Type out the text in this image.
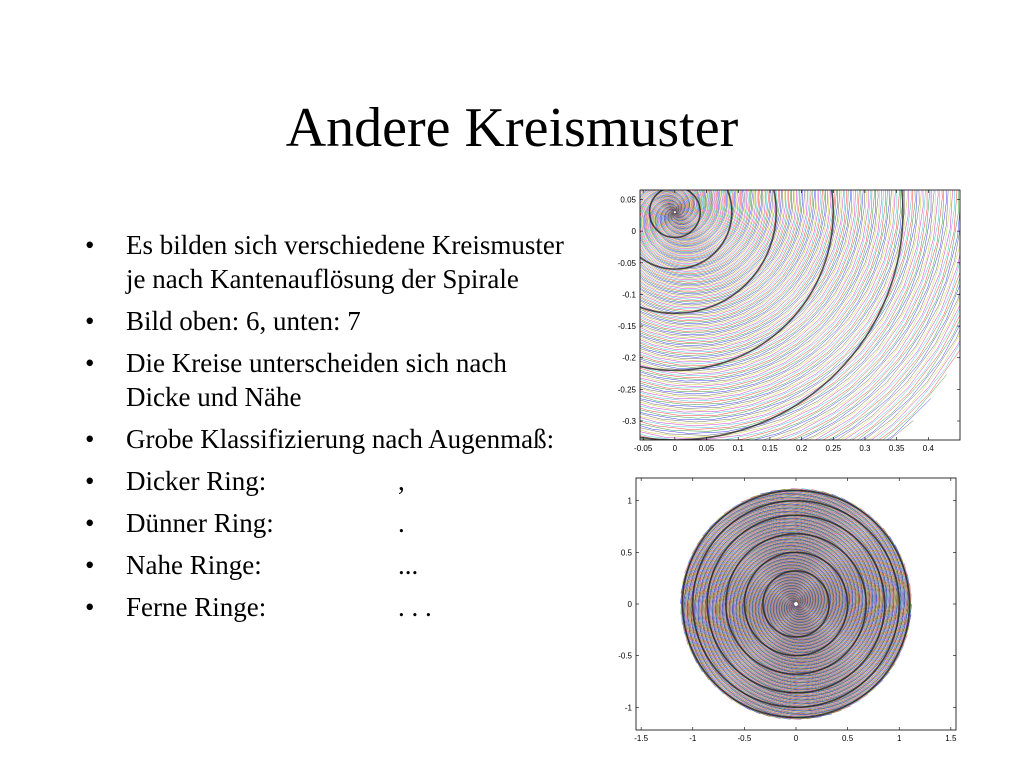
Andere Kreismuster
• Es bilden sich verschiedene Kreismuster je nach Kantenauflösung der Spirale
• Bild oben: 6, unten: 7
• Die Kreise unterscheiden sich nach Dicke und Nähe
• Grobe Klassifizierung nach Augenmaß:
• Dicker Ring:	,
• Dünner Ring:	.
• Nahe Ringe:	...
• Ferne Ringe:	. . .
-0.05	0	0.05 0.1 0.15 0.2 0.25 0.3 0.35 0.4
0.05
0
-0.05
-0.1
-0.15
-0.2
-0.25
-0.3
-1.5	-1	-0.5	0	0.5	1	1.5
1
0.5
0
-0.5
-1
